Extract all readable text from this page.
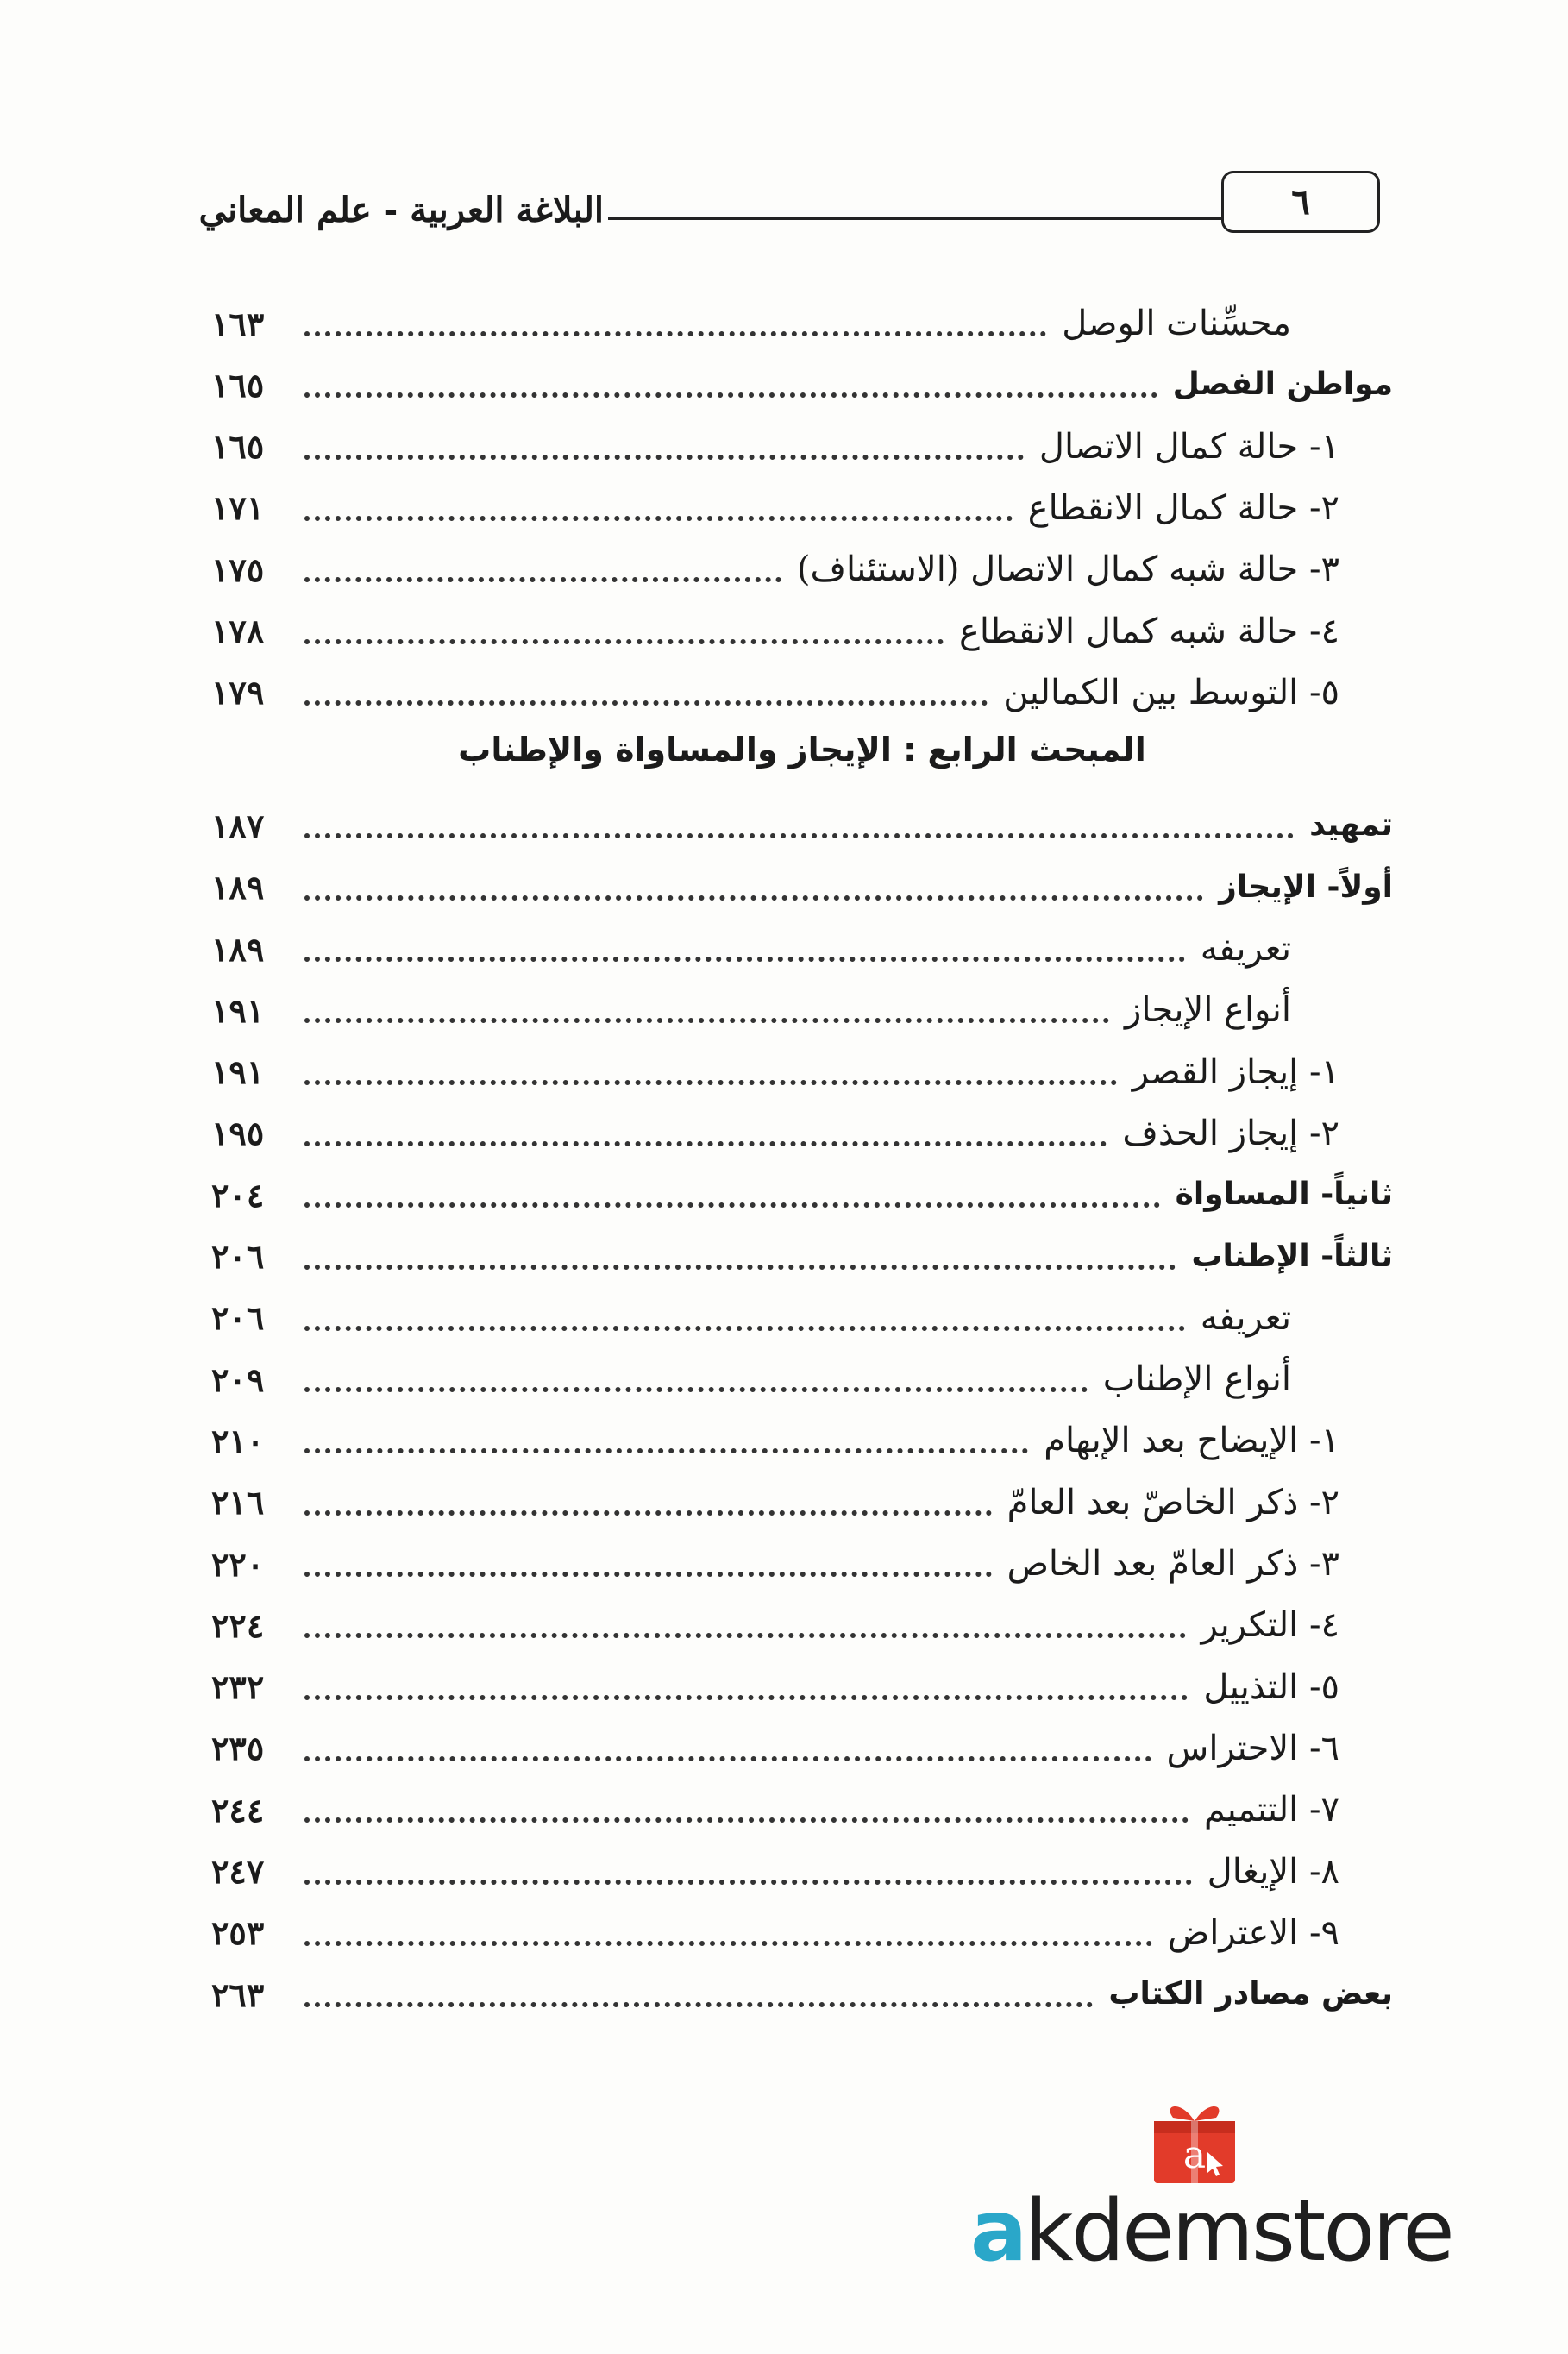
البلاغة العربية - علم المعاني	٦
المبحث الرابع : الإيجاز والمساواة والإطناب
محسِّنات الوصل
١٦٣
مواطن الفصل
١٦٥
١- حالة كمال الاتصال
١٦٥
٢- حالة كمال الانقطاع
١٧١
٣- حالة شبه كمال الاتصال (الاستئناف)
١٧٥
٤- حالة شبه كمال الانقطاع
١٧٨
٥- التوسط بين الكمالين
١٧٩
تمهيد
١٨٧
أولاً- الإيجاز
١٨٩
تعريفه
١٨٩
أنواع الإيجاز
١٩١
١- إيجاز القصر
١٩١
٢- إيجاز الحذف
١٩٥
ثانياً- المساواة
٢٠٤
ثالثاً- الإطناب
٢٠٦
تعريفه
٢٠٦
أنواع الإطناب
٢٠٩
١- الإيضاح بعد الإبهام
٢١٠
٢- ذكر الخاصّ بعد العامّ
٢١٦
٣- ذكر العامّ بعد الخاص
٢٢٠
٤- التكرير
٢٢٤
٥- التذييل
٢٣٢
٦- الاحتراس
٢٣٥
٧- التتميم
٢٤٤
٨- الإيغال
٢٤٧
٩- الاعتراض
٢٥٣
بعض مصادر الكتاب
٢٦٣
a
akdemstore
